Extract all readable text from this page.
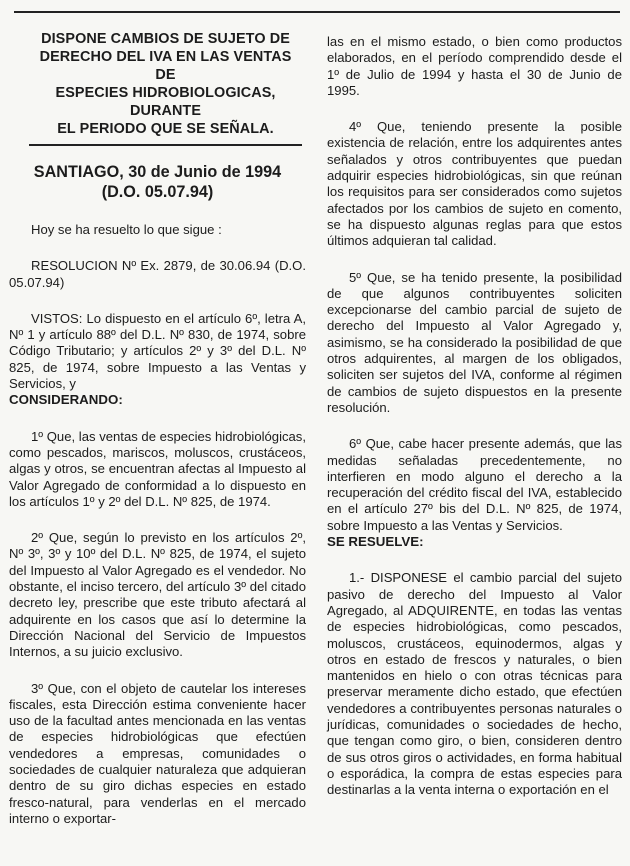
DISPONE CAMBIOS DE SUJETO DE
DERECHO DEL IVA EN LAS VENTAS DE
ESPECIES HIDROBIOLOGICAS, DURANTE
EL PERIODO QUE SE SEÑALA.
SANTIAGO, 30 de Junio de 1994
(D.O. 05.07.94)

Hoy se ha resuelto lo que sigue :

RESOLUCION Nº Ex. 2879, de 30.06.94 (D.O. 05.07.94)

VISTOS: Lo dispuesto en el artículo 6º, letra A, Nº 1 y artículo 88º del D.L. Nº 830, de 1974, sobre Código Tributario; y artículos 2º y 3º del D.L. Nº 825, de 1974, sobre Impuesto a las Ventas y Servicios, y

CONSIDERANDO:

1º Que, las ventas de especies hidrobiológicas, como pescados, mariscos, moluscos, crustáceos, algas y otros, se encuentran afectas al Impuesto al Valor Agregado de conformidad a lo dispuesto en los artículos 1º y 2º del D.L. Nº 825, de 1974.

2º Que, según lo previsto en los artículos 2º, Nº 3º, 3º y 10º del D.L. Nº 825, de 1974, el sujeto del Impuesto al Valor Agregado es el vendedor. No obstante, el inciso tercero, del artículo 3º del citado decreto ley, prescribe que este tributo afectará al adquirente en los casos que así lo determine la Dirección Nacional del Servicio de Impuestos Internos, a su juicio exclusivo.

3º Que, con el objeto de cautelar los intereses fiscales, esta Dirección estima conveniente hacer uso de la facultad antes mencionada en las ventas de especies hidrobiológicas que efectúen vendedores a empresas, comunidades o sociedades de cualquier naturaleza que adquieran dentro de su giro dichas especies en estado fresco-natural, para venderlas en el mercado interno o exportar-

las en el mismo estado, o bien como productos elaborados, en el período comprendido desde el 1º de Julio de 1994 y hasta el 30 de Junio de 1995.

4º Que, teniendo presente la posible existencia de relación, entre los adquirentes antes señalados y otros contribuyentes que puedan adquirir especies hidrobiológicas, sin que reúnan los requisitos para ser considerados como sujetos afectados por los cambios de sujeto en comento, se ha dispuesto algunas reglas para que estos últimos adquieran tal calidad.

5º Que, se ha tenido presente, la posibilidad de que algunos contribuyentes soliciten excepcionarse del cambio parcial de sujeto de derecho del Impuesto al Valor Agregado y, asimismo, se ha considerado la posibilidad de que otros adquirentes, al margen de los obligados, soliciten ser sujetos del IVA, conforme al régimen de cambios de sujeto dispuestos en la presente resolución.

6º Que, cabe hacer presente además, que las medidas señaladas precedentemente, no interfieren en modo alguno el derecho a la recuperación del crédito fiscal del IVA, establecido en el artículo 27º bis del D.L. Nº 825, de 1974, sobre Impuesto a las Ventas y Servicios.

SE RESUELVE:

1.- DISPONESE el cambio parcial del sujeto pasivo de derecho del Impuesto al Valor Agregado, al ADQUIRENTE, en todas las ventas de especies hidrobiológicas, como pescados, moluscos, crustáceos, equinodermos, algas y otros en estado de frescos y naturales, o bien mantenidos en hielo o con otras técnicas para preservar meramente dicho estado, que efectúen vendedores a contribuyentes personas naturales o jurídicas, comunidades o sociedades de hecho, que tengan como giro, o bien, consideren dentro de sus otros giros o actividades, en forma habitual o esporádica, la compra de estas especies para destinarlas a la venta interna o exportación en el
